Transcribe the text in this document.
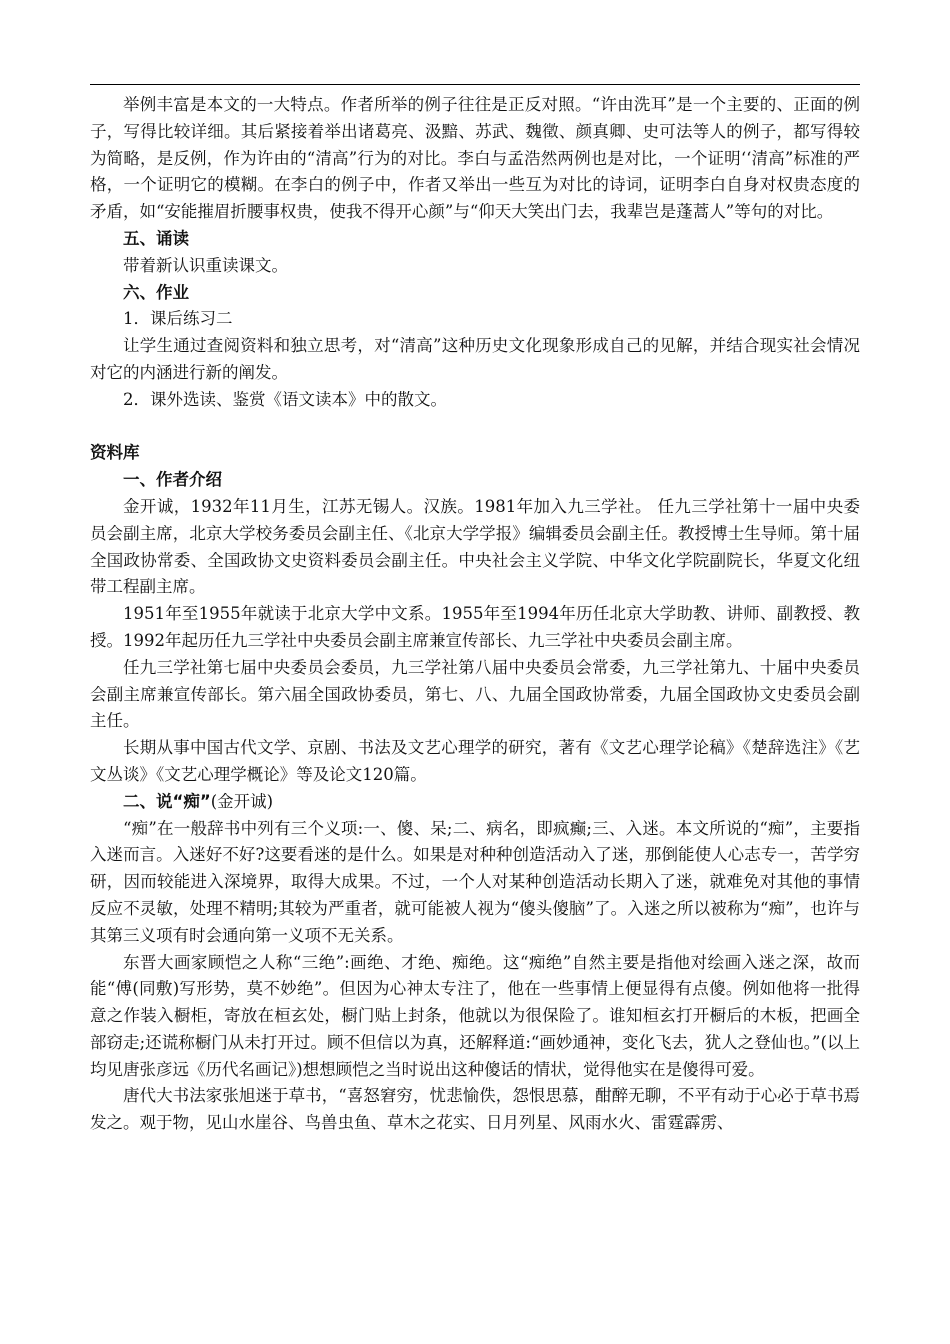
举例丰富是本文的一大特点。作者所举的例子往往是正反对照。“许由洗耳”是一个主要的、正面的例子，写得比较详细。其后紧接着举出诸葛亮、汲黯、苏武、魏徵、颜真卿、史可法等人的例子，都写得较为简略，是反例，作为许由的“清高”行为的对比。李白与孟浩然两例也是对比，一个证明‘‘清高”标准的严格，一个证明它的模糊。在李白的例子中，作者又举出一些互为对比的诗词，证明李白自身对权贵态度的矛盾，如“安能摧眉折腰事权贵，使我不得开心颜”与“仰天大笑出门去，我辈岂是蓬蒿人”等句的对比。

五、诵读

带着新认识重读课文。

六、作业

1．课后练习二

让学生通过查阅资料和独立思考，对“清高”这种历史文化现象形成自己的见解，并结合现实社会情况对它的内涵进行新的阐发。

2．课外选读、鉴赏《语文读本》中的散文。

资料库

一、作者介绍

金开诚，1932年11月生，江苏无锡人。汉族。1981年加入九三学社。 任九三学社第十一届中央委员会副主席，北京大学校务委员会副主任、《北京大学学报》编辑委员会副主任。教授博士生导师。第十届全国政协常委、全国政协文史资料委员会副主任。中央社会主义学院、中华文化学院副院长，华夏文化纽带工程副主席。

1951年至1955年就读于北京大学中文系。1955年至1994年历任北京大学助教、讲师、副教授、教授。1992年起历任九三学社中央委员会副主席兼宣传部长、九三学社中央委员会副主席。

任九三学社第七届中央委员会委员，九三学社第八届中央委员会常委，九三学社第九、十届中央委员会副主席兼宣传部长。第六届全国政协委员，第七、八、九届全国政协常委，九届全国政协文史委员会副主任。

长期从事中国古代文学、京剧、书法及文艺心理学的研究，著有《文艺心理学论稿》《楚辞选注》《艺文丛谈》《文艺心理学概论》等及论文120篇。

二、说“痴”(金开诚)

“痴”在一般辞书中列有三个义项:一、傻、呆;二、病名，即疯癫;三、入迷。本文所说的“痴”，主要指入迷而言。入迷好不好?这要看迷的是什么。如果是对种种创造活动入了迷，那倒能使人心志专一，苦学穷研，因而较能进入深境界，取得大成果。不过，一个人对某种创造活动长期入了迷，就难免对其他的事情反应不灵敏，处理不精明;其较为严重者，就可能被人视为“傻头傻脑”了。入迷之所以被称为“痴”，也许与其第三义项有时会通向第一义项不无关系。

东晋大画家顾恺之人称“三绝”:画绝、才绝、痴绝。这“痴绝”自然主要是指他对绘画入迷之深，故而能“傅(同敷)写形势，莫不妙绝”。但因为心神太专注了，他在一些事情上便显得有点傻。例如他将一批得意之作装入橱柜，寄放在桓玄处，橱门贴上封条，他就以为很保险了。谁知桓玄打开橱后的木板，把画全部窃走;还谎称橱门从未打开过。顾不但信以为真，还解释道:“画妙通神，变化飞去，犹人之登仙也。”(以上均见唐张彦远《历代名画记》)想想顾恺之当时说出这种傻话的情状，觉得他实在是傻得可爱。

唐代大书法家张旭迷于草书，“喜怒窘穷，忧悲愉佚，怨恨思慕，酣醉无聊，不平有动于心必于草书焉发之。观于物，见山水崖谷、鸟兽虫鱼、草木之花实、日月列星、风雨水火、雷霆霹雳、
